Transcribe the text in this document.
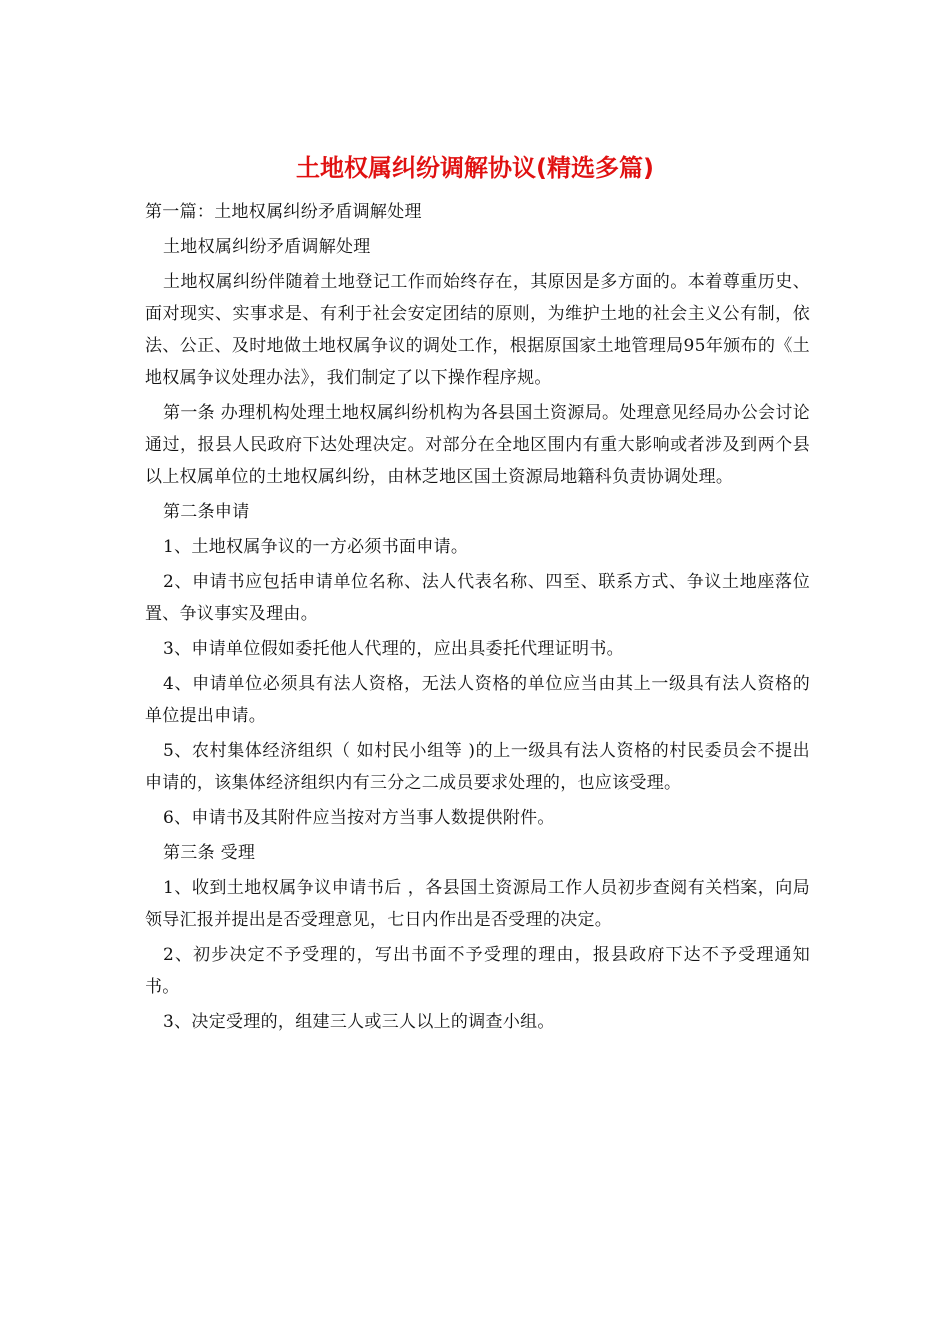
土地权属纠纷调解协议(精选多篇)

第一篇：土地权属纠纷矛盾调解处理

土地权属纠纷矛盾调解处理

土地权属纠纷伴随着土地登记工作而始终存在，其原因是多方面的。本着尊重历史、面对现实、实事求是、有利于社会安定团结的原则，为维护土地的社会主义公有制，依法、公正、及时地做土地权属争议的调处工作，根据原国家土地管理局95年颁布的《土地权属争议处理办法》，我们制定了以下操作程序规。

第一条 办理机构处理土地权属纠纷机构为各县国土资源局。处理意见经局办公会讨论通过，报县人民政府下达处理决定。对部分在全地区围内有重大影响或者涉及到两个县以上权属单位的土地权属纠纷，由林芝地区国土资源局地籍科负责协调处理。

第二条申请

1、土地权属争议的一方必须书面申请。

2、申请书应包括申请单位名称、法人代表名称、四至、联系方式、争议土地座落位置、争议事实及理由。

3、申请单位假如委托他人代理的，应出具委托代理证明书。

4、申请单位必须具有法人资格，无法人资格的单位应当由其上一级具有法人资格的单位提出申请。

5、农村集体经济组织（ 如村民小组等 )的上一级具有法人资格的村民委员会不提出申请的，该集体经济组织内有三分之二成员要求处理的，也应该受理。

6、申请书及其附件应当按对方当事人数提供附件。

第三条 受理

1、收到土地权属争议申请书后 ，各县国土资源局工作人员初步查阅有关档案，向局领导汇报并提出是否受理意见，七日内作出是否受理的决定。

2、初步决定不予受理的，写出书面不予受理的理由，报县政府下达不予受理通知书。

3、决定受理的，组建三人或三人以上的调查小组。
